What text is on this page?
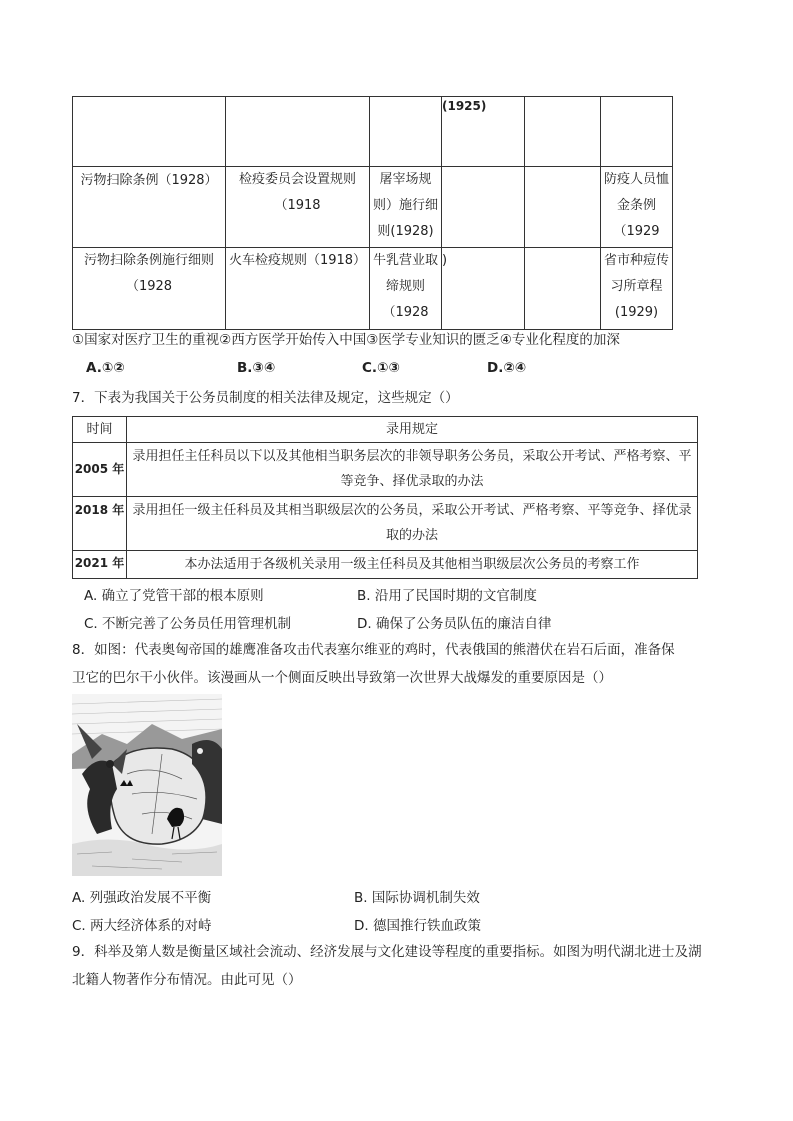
			(1925)		
污物扫除条例（1928）	检疫委员会设置规则（1918	屠宰场规则）施行细则(1928)			防疫人员恤金条例（1929
污物扫除条例施行细则（1928	火车检疫规则（1918）	牛乳营业取缔规则（1928	)		省市种痘传习所章程(1929)
①国家对医疗卫生的重视②西方医学开始传入中国③医学专业知识的匮乏④专业化程度的加深
A.①②	B.③④	C.①③	D.②④
7．下表为我国关于公务员制度的相关法律及规定，这些规定（）
时间	录用规定
2005 年	录用担任主任科员以下以及其他相当职务层次的非领导职务公务员，采取公开考试、严格考察、平等竞争、择优录取的办法
2018 年	录用担任一级主任科员及其相当职级层次的公务员，采取公开考试、严格考察、平等竞争、择优录取的办法
2021 年	本办法适用于各级机关录用一级主任科员及其他相当职级层次公务员的考察工作
A. 确立了党管干部的根本原则	B. 沿用了民国时期的文官制度
C. 不断完善了公务员任用管理机制	D. 确保了公务员队伍的廉洁自律
8．如图：代表奥匈帝国的雄鹰准备攻击代表塞尔维亚的鸡时，代表俄国的熊潜伏在岩石后面，准备保
卫它的巴尔干小伙伴。该漫画从一个侧面反映出导致第一次世界大战爆发的重要原因是（）
A. 列强政治发展不平衡	B. 国际协调机制失效
C. 两大经济体系的对峙	D. 德国推行铁血政策
9．科举及第人数是衡量区域社会流动、经济发展与文化建设等程度的重要指标。如图为明代湖北进士及湖
北籍人物著作分布情况。由此可见（）
